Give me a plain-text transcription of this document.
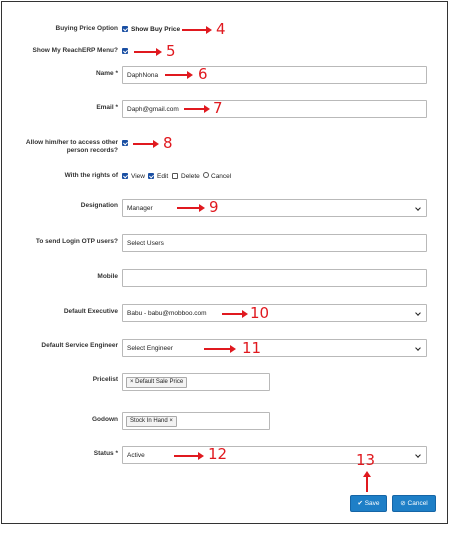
Buying Price Option Show Buy Price 4
Show My ReachERP Menu?	5
Name * DaphNona	6
Email * Daph@gmail.com 7
Allow him/her to access other
person records?	8
With the rights of View Edit Delete Cancel
Designation Manager	9
To send Login OTP users? Select Users
Mobile
Default Executive Babu - babu@mobboo.com	10
Default Service Engineer Select Engineer	11
Pricelist	× Default Sale Price
Godown	Stock In Hand ×
Status * Active	12	13
✔ Save	⊘ Cancel
